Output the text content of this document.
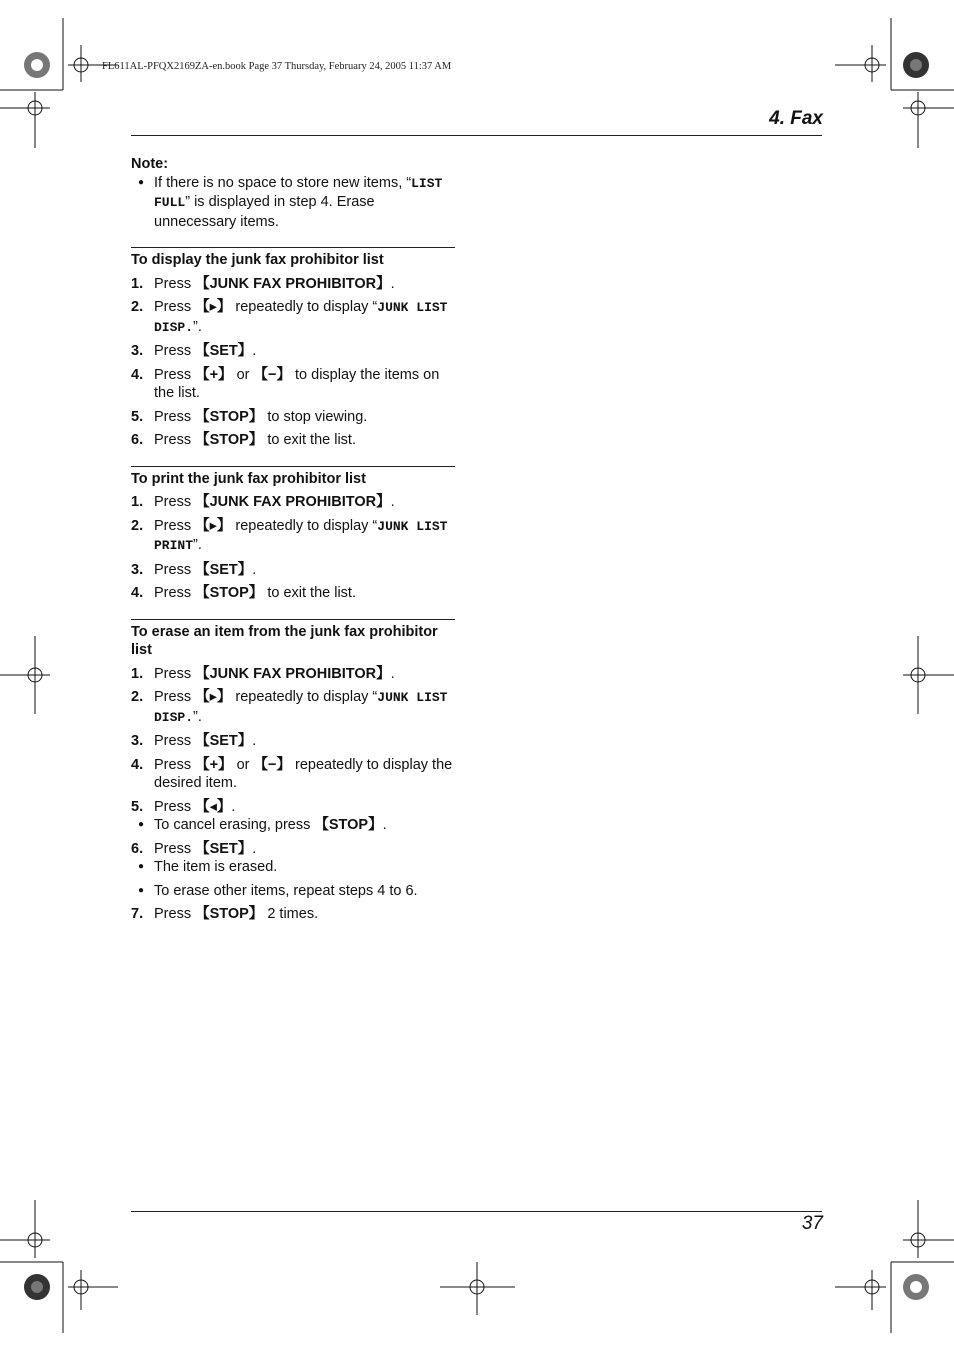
FL611AL-PFQX2169ZA-en.book Page 37 Thursday, February 24, 2005 11:37 AM
4. Fax
Note:
● If there is no space to store new items, “LIST FULL” is displayed in step 4. Erase unnecessary items.
To display the junk fax prohibitor list
1. Press 【JUNK FAX PROHIBITOR】.
2. Press 【▸】 repeatedly to display “JUNK LIST DISP.”.
3. Press 【SET】.
4. Press 【+】 or 【−】 to display the items on the list.
5. Press 【STOP】 to stop viewing.
6. Press 【STOP】 to exit the list.
To print the junk fax prohibitor list
1. Press 【JUNK FAX PROHIBITOR】.
2. Press 【▸】 repeatedly to display “JUNK LIST PRINT”.
3. Press 【SET】.
4. Press 【STOP】 to exit the list.
To erase an item from the junk fax prohibitor list
1. Press 【JUNK FAX PROHIBITOR】.
2. Press 【▸】 repeatedly to display “JUNK LIST DISP.”.
3. Press 【SET】.
4. Press 【+】 or 【−】 repeatedly to display the desired item.
5. Press 【◂】.
● To cancel erasing, press 【STOP】.
6. Press 【SET】.
● The item is erased.
● To erase other items, repeat steps 4 to 6.
7. Press 【STOP】 2 times.
37
